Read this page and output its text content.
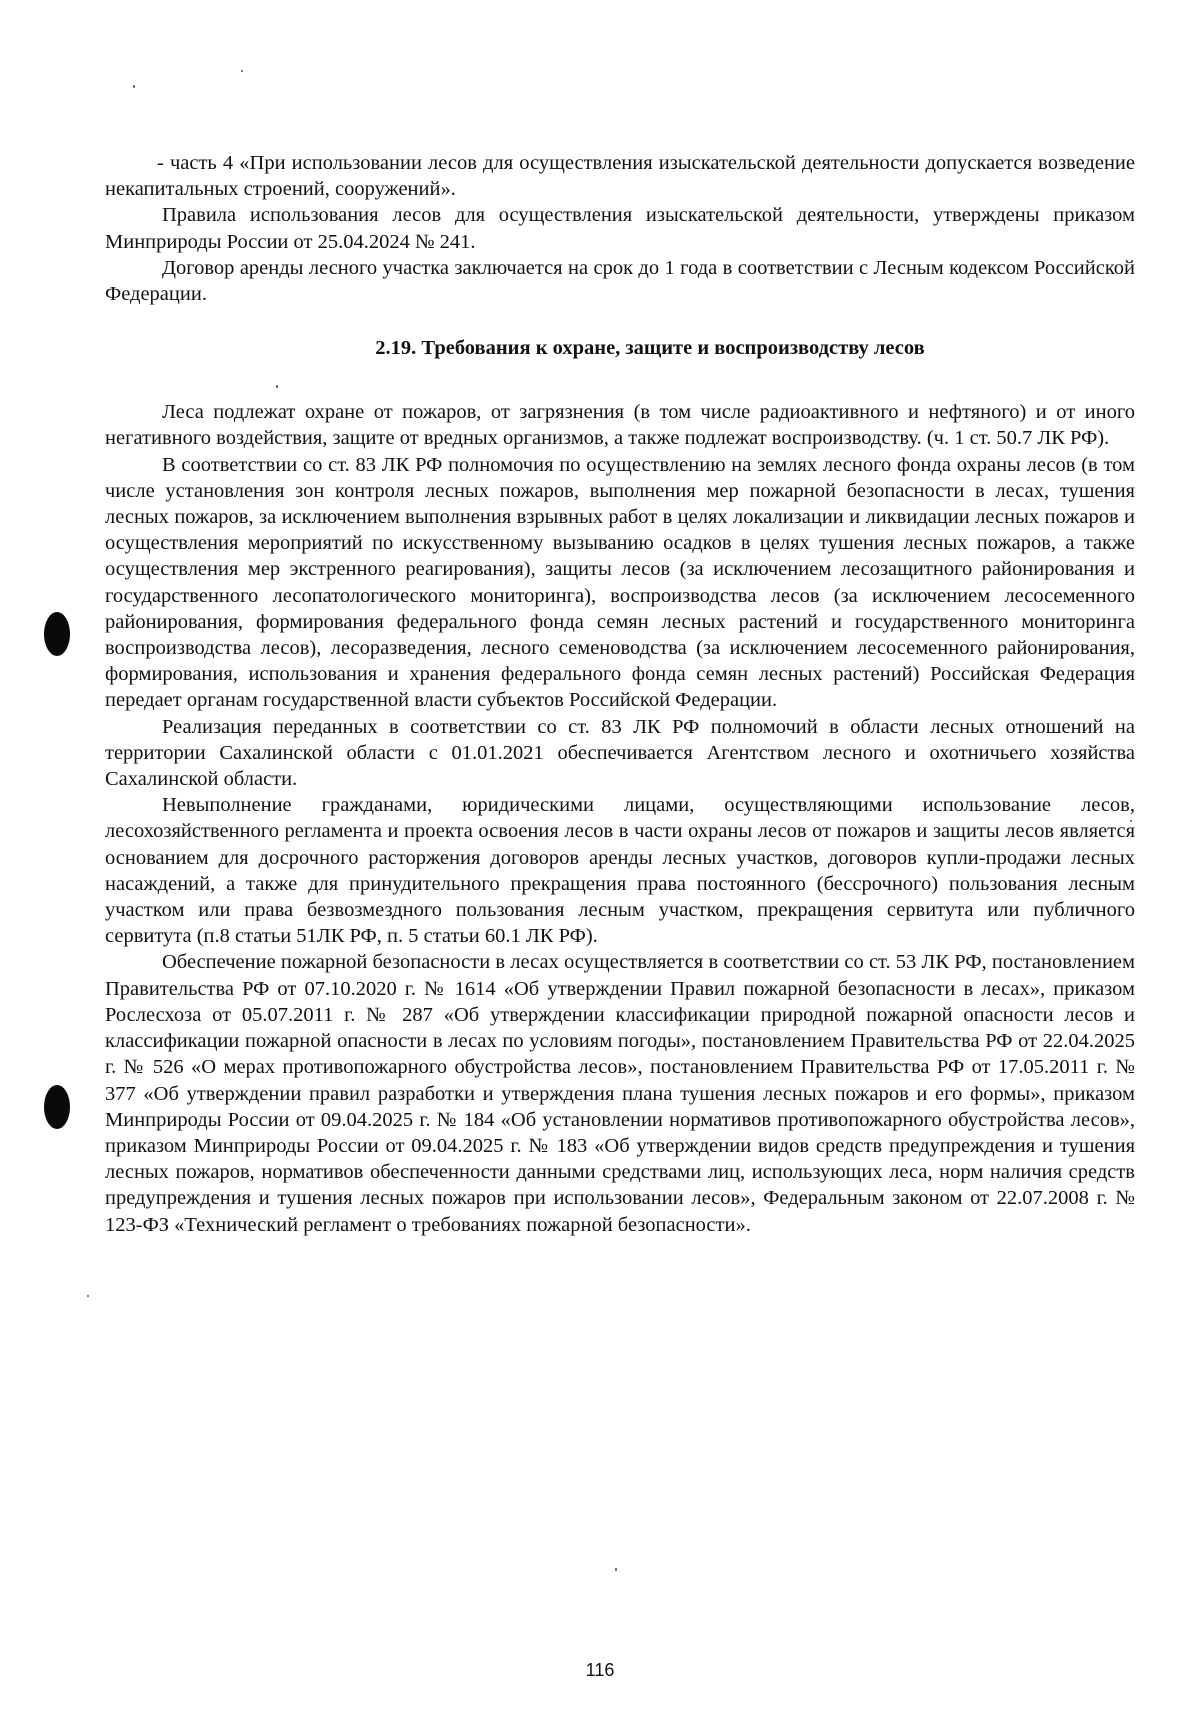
- часть 4 «При использовании лесов для осуществления изыскательской деятельности допускается возведение некапитальных строений, сооружений».

Правила использования лесов для осуществления изыскательской деятельности, утверждены приказом Минприроды России от 25.04.2024 № 241.

Договор аренды лесного участка заключается на срок до 1 года в соответствии с Лесным кодексом Российской Федерации.

2.19. Требования к охране, защите и воспроизводству лесов

Леса подлежат охране от пожаров, от загрязнения (в том числе радиоактивного и нефтяного) и от иного негативного воздействия, защите от вредных организмов, а также подлежат воспроизводству. (ч. 1 ст. 50.7 ЛК РФ).

В соответствии со ст. 83 ЛК РФ полномочия по осуществлению на землях лесного фонда охраны лесов (в том числе установления зон контроля лесных пожаров, выполнения мер пожарной безопасности в лесах, тушения лесных пожаров, за исключением выполнения взрывных работ в целях локализации и ликвидации лесных пожаров и осуществления мероприятий по искусственному вызыванию осадков в целях тушения лесных пожаров, а также осуществления мер экстренного реагирования), защиты лесов (за исключением лесозащитного районирования и государственного лесопатологического мониторинга), воспроизводства лесов (за исключением лесосеменного районирования, формирования федерального фонда семян лесных растений и государственного мониторинга воспроизводства лесов), лесоразведения, лесного семеноводства (за исключением лесосеменного районирования, формирования, использования и хранения федерального фонда семян лесных растений) Российская Федерация передает органам государственной власти субъектов Российской Федерации.

Реализация переданных в соответствии со ст. 83 ЛК РФ полномочий в области лесных отношений на территории Сахалинской области с 01.01.2021 обеспечивается Агентством лесного и охотничьего хозяйства Сахалинской области.

Невыполнение гражданами, юридическими лицами, осуществляющими использование лесов, лесохозяйственного регламента и проекта освоения лесов в части охраны лесов от пожаров и защиты лесов является основанием для досрочного расторжения договоров аренды лесных участков, договоров купли-продажи лесных насаждений, а также для принудительного прекращения права постоянного (бессрочного) пользования лесным участком или права безвозмездного пользования лесным участком, прекращения сервитута или публичного сервитута (п.8 статьи 51ЛК РФ, п. 5 статьи 60.1 ЛК РФ).

Обеспечение пожарной безопасности в лесах осуществляется в соответствии со ст. 53 ЛК РФ, постановлением Правительства РФ от 07.10.2020 г. № 1614 «Об утверждении Правил пожарной безопасности в лесах», приказом Рослесхоза от 05.07.2011 г. № 287 «Об утверждении классификации природной пожарной опасности лесов и классификации пожарной опасности в лесах по условиям погоды», постановлением Правительства РФ от 22.04.2025 г. № 526 «О мерах противопожарного обустройства лесов», постановлением Правительства РФ от 17.05.2011 г. № 377 «Об утверждении правил разработки и утверждения плана тушения лесных пожаров и его формы», приказом Минприроды России от 09.04.2025 г. № 184 «Об установлении нормативов противопожарного обустройства лесов», приказом Минприроды России от 09.04.2025 г. № 183 «Об утверждении видов средств предупреждения и тушения лесных пожаров, нормативов обеспеченности данными средствами лиц, использующих леса, норм наличия средств предупреждения и тушения лесных пожаров при использовании лесов», Федеральным законом от 22.07.2008 г. № 123-ФЗ «Технический регламент о требованиях пожарной безопасности».

116
